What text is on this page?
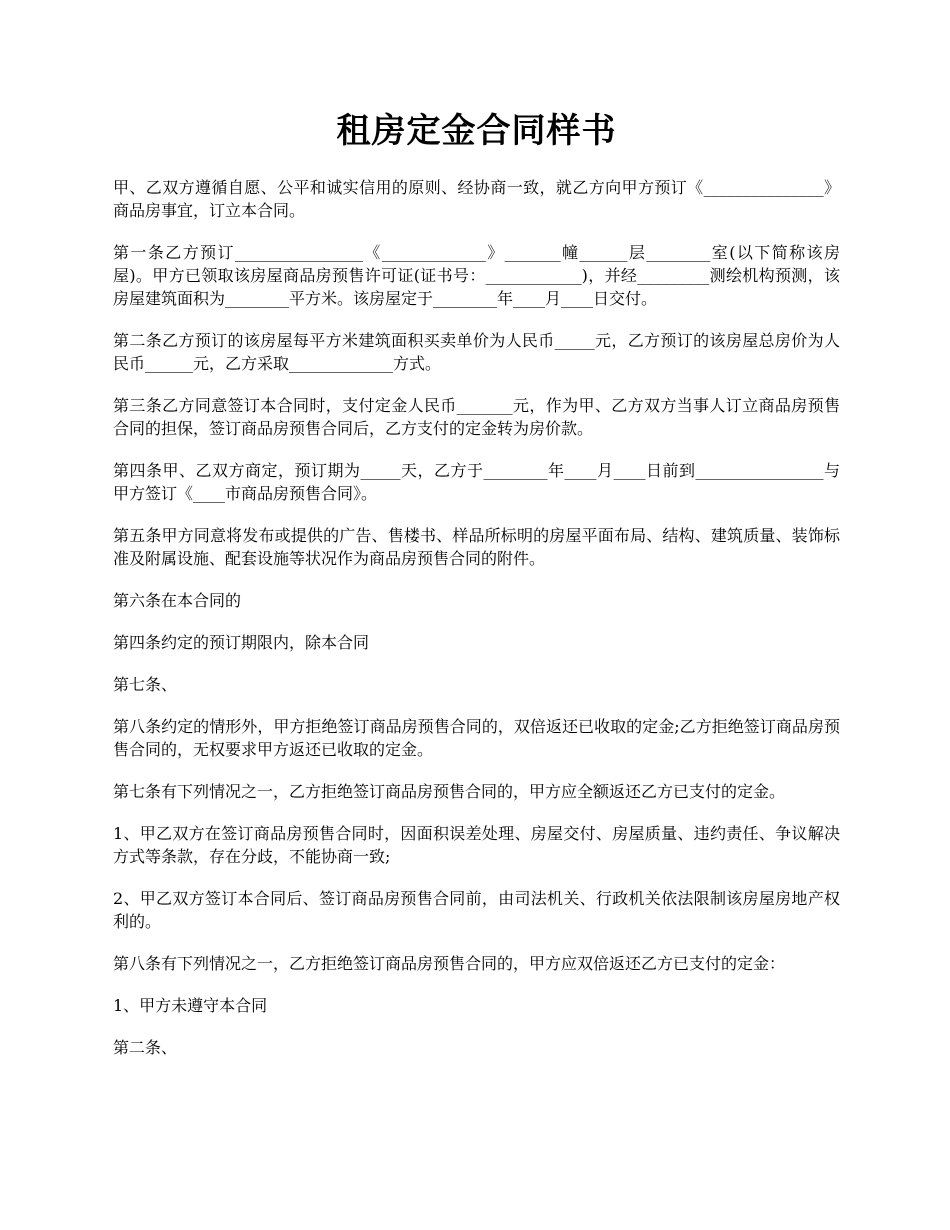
租房定金合同样书

甲、乙双方遵循自愿、公平和诚实信用的原则、经协商一致，就乙方向甲方预订《_______________》商品房事宜，订立本合同。

第一条乙方预订________________《_____________》_______幢______层________室(以下简称该房屋)。甲方已领取该房屋商品房预售许可证(证书号：____________)，并经_________测绘机构预测，该房屋建筑面积为________平方米。该房屋定于________年____月____日交付。

第二条乙方预订的该房屋每平方米建筑面积买卖单价为人民币_____元，乙方预订的该房屋总房价为人民币______元，乙方采取_____________方式。

第三条乙方同意签订本合同时，支付定金人民币_______元，作为甲、乙方双方当事人订立商品房预售合同的担保，签订商品房预售合同后，乙方支付的定金转为房价款。

第四条甲、乙双方商定，预订期为_____天，乙方于________年____月____日前到________________与甲方签订《____市商品房预售合同》。

第五条甲方同意将发布或提供的广告、售楼书、样品所标明的房屋平面布局、结构、建筑质量、装饰标准及附属设施、配套设施等状况作为商品房预售合同的附件。

第六条在本合同的

第四条约定的预订期限内，除本合同

第七条、

第八条约定的情形外，甲方拒绝签订商品房预售合同的，双倍返还已收取的定金;乙方拒绝签订商品房预售合同的，无权要求甲方返还已收取的定金。

第七条有下列情况之一，乙方拒绝签订商品房预售合同的，甲方应全额返还乙方已支付的定金。

1、甲乙双方在签订商品房预售合同时，因面积误差处理、房屋交付、房屋质量、违约责任、争议解决方式等条款，存在分歧，不能协商一致;

2、甲乙双方签订本合同后、签订商品房预售合同前，由司法机关、行政机关依法限制该房屋房地产权利的。

第八条有下列情况之一，乙方拒绝签订商品房预售合同的，甲方应双倍返还乙方已支付的定金：

1、甲方未遵守本合同

第二条、
